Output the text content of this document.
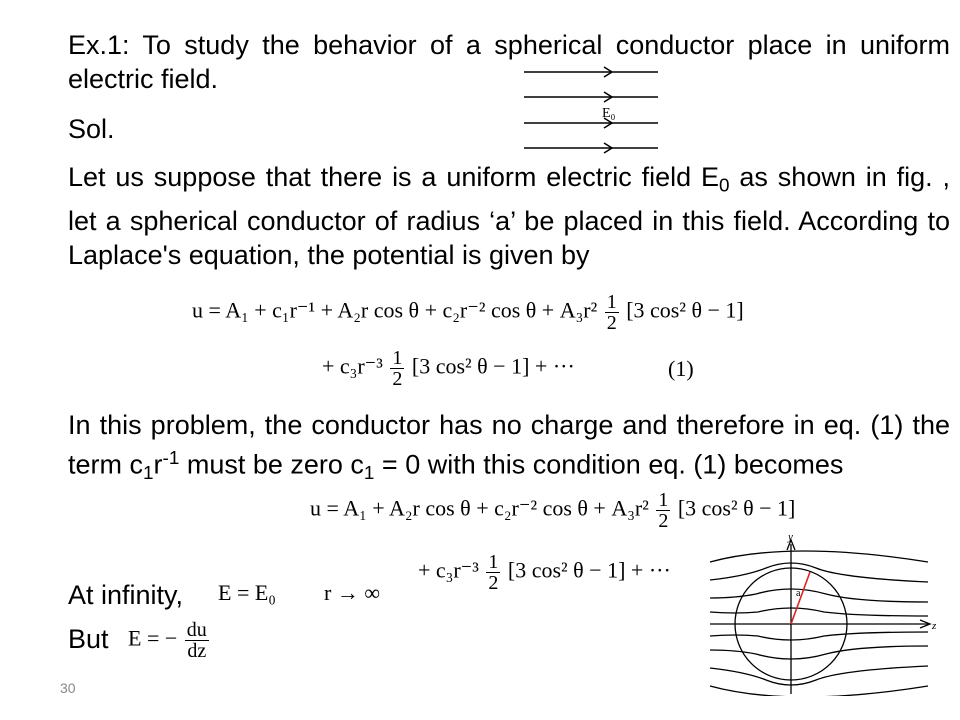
Ex.1: To study the behavior of a spherical conductor place in uniform electric field.
Sol.
E₀
Let us suppose that there is a uniform electric field $E_0$ as shown in fig. , let a spherical conductor of radius ‘a’ be placed in this field. According to Laplace's equation, the potential is given by
u = A₁ + c₁r⁻¹ + A₂r cos θ + c₂r⁻² $\cos \theta + A_3r^2 \frac{1}{2} [3$ cos² θ − 1]
+ $c_3r^{-3} \frac{1}{2} [3$ cos² θ − 1] + ···	(1)
In this problem, the conductor has no charge and therefore in eq. (1) the term $c_1r^{-1}$ must be zero $c_1 = 0$ with this condition eq. (1) becomes
u = A₁ + A₂r cos θ + c₂r⁻² $\cos \theta + A_3r^2 \frac{1}{2} [3$ cos² θ − 1]
+ $c_3r^{-3} \frac{1}{2} [3$ cos² θ − 1] + ···
At infinity, E = E₀ r → ∞
But E = − $\frac{du}{dz}$
a
y
z
30
